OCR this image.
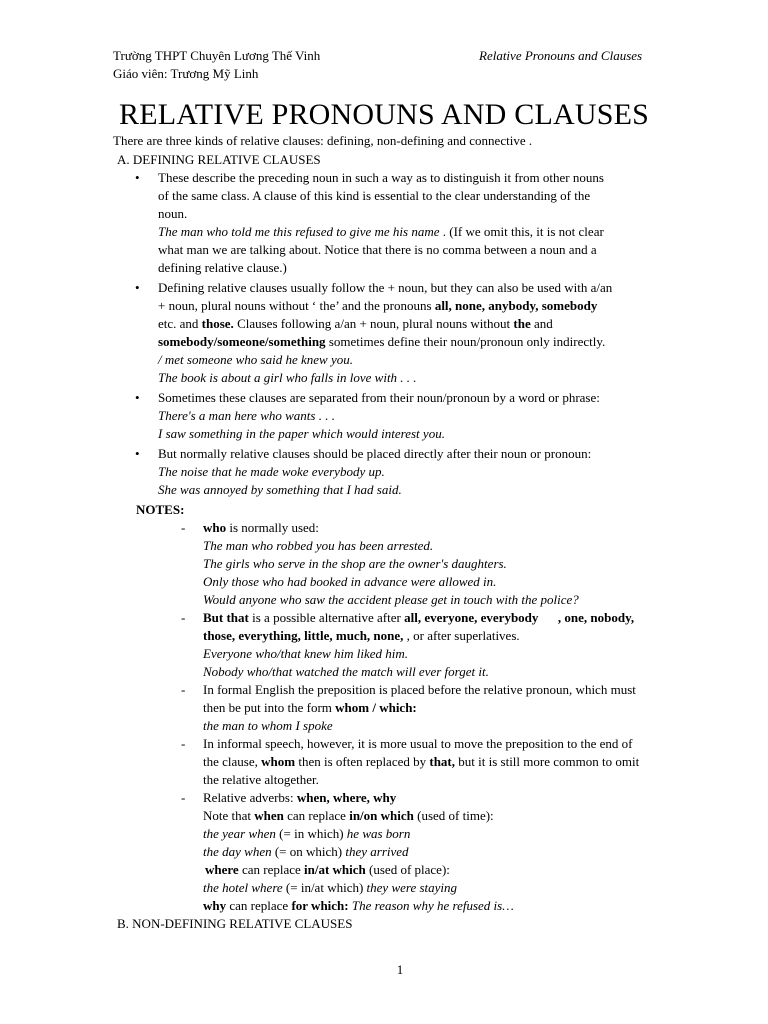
Trường THPT Chuyên Lương Thế Vinh
Giáo viên: Trương Mỹ Linh
Relative Pronouns and Clauses
RELATIVE PRONOUNS AND CLAUSES

There are three kinds of relative clauses: defining, non-defining and connective .

A. DEFINING RELATIVE CLAUSES
• These describe the preceding noun in such a way as to distinguish it from other nouns
of the same class. A clause of this kind is essential to the clear understanding of the
noun.
The man who told me this refused to give me his name . (If we omit this, it is not clear
what man we are talking about. Notice that there is no comma between a noun and a
defining relative clause.)
• Defining relative clauses usually follow the + noun, but they can also be used with a/an
+ noun, plural nouns without ‘ the’ and the pronouns all, none, anybody, somebody
etc. and those. Clauses following a/an + noun, plural nouns without the and
somebody/someone/something sometimes define their noun/pronoun only indirectly.
/ met someone who said he knew you.
The book is about a girl who falls in love with . . .
• Sometimes these clauses are separated from their noun/pronoun by a word or phrase:
There's a man here who wants . . .
I saw something in the paper which would interest you.
• But normally relative clauses should be placed directly after their noun or pronoun:
The noise that he made woke everybody up.
She was annoyed by something that I had said.
NOTES:
- who is normally used:
The man who robbed you has been arrested.
The girls who serve in the shop are the owner's daughters.
Only those who had booked in advance were allowed in.
Would anyone who saw the accident please get in touch with the police?
- But that is a possible alternative after all, everyone, everybody      , one, nobody,
those, everything, little, much, none, , or after superlatives.
Everyone who/that knew him liked him.
Nobody who/that watched the match will ever forget it.
- In formal English the preposition is placed before the relative pronoun, which must
then be put into the form whom / which:
the man to whom I spoke
- In informal speech, however, it is more usual to move the preposition to the end of
the clause, whom then is often replaced by that, but it is still more common to omit
the relative altogether.
- Relative adverbs: when, where, why
Note that when can replace in/on which (used of time):
the year when (= in which) he was born
the day when (= on which) they arrived
where can replace in/at which (used of place):
the hotel where (= in/at which) they were staying
why can replace for which: The reason why he refused is…
B. NON-DEFINING RELATIVE CLAUSES
1
